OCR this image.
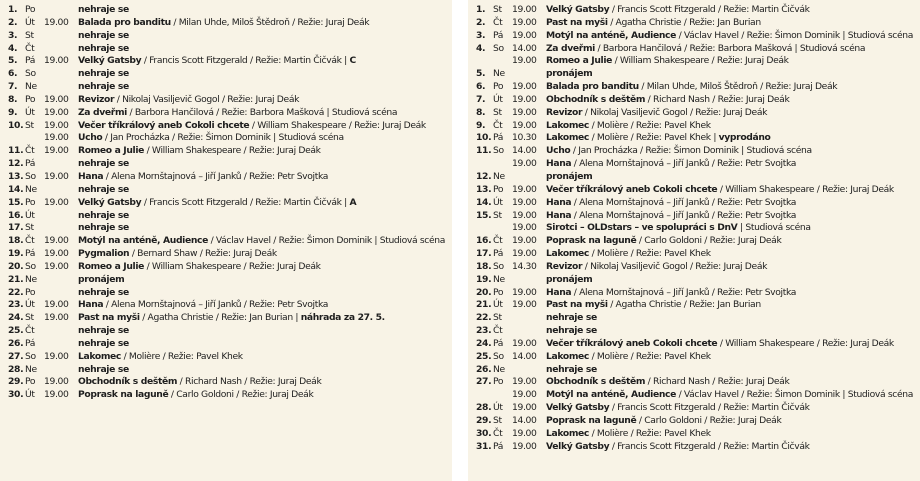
1. Po	nehraje se
2. Út 19.00 Balada pro banditu / Milan Uhde, Miloš Štědroň / Režie: Juraj Deák
3. St	nehraje se
4. Čt	nehraje se
5. Pá 19.00 Velký Gatsby / Francis Scott Fitzgerald / Režie: Martin Čičvák | C
6. So	nehraje se
7. Ne	nehraje se
8. Po 19.00 Revizor / Nikolaj Vasiljevič Gogol / Režie: Juraj Deák
9. Út 19.00 Za dveřmi / Barbora Hančilová / Režie: Barbora Mašková | Studiová scéna
10. St 19.00 Večer tříkrálový aneb Cokoli chcete / William Shakespeare / Režie: Juraj Deák
19.00 Ucho / Jan Procházka / Režie: Šimon Dominik | Studiová scéna
11. Čt 19.00 Romeo a Julie / William Shakespeare / Režie: Juraj Deák
12. Pá	nehraje se
13. So 19.00 Hana / Alena Mornštajnová – Jiří Janků / Režie: Petr Svojtka
14. Ne	nehraje se
15. Po 19.00 Velký Gatsby / Francis Scott Fitzgerald / Režie: Martin Čičvák | A
16. Út	nehraje se
17. St	nehraje se
18. Čt 19.00 Motýl na anténě, Audience / Václav Havel / Režie: Šimon Dominik | Studiová scéna
19. Pá 19.00 Pygmalion / Bernard Shaw / Režie: Juraj Deák
20. So 19.00 Romeo a Julie / William Shakespeare / Režie: Juraj Deák
21. Ne	pronájem
22. Po	nehraje se
23. Út 19.00 Hana / Alena Mornštajnová – Jiří Janků / Režie: Petr Svojtka
24. St 19.00 Past na myši / Agatha Christie / Režie: Jan Burian | náhrada za 27. 5.
25. Čt	nehraje se
26. Pá	nehraje se
27. So 19.00 Lakomec / Molière / Režie: Pavel Khek
28. Ne	nehraje se
29. Po 19.00 Obchodník s deštěm / Richard Nash / Režie: Juraj Deák
30. Út 19.00 Poprask na laguně / Carlo Goldoni / Režie: Juraj Deák
1. St 19.00 Velký Gatsby / Francis Scott Fitzgerald / Režie: Martin Čičvák
2. Čt 19.00 Past na myši / Agatha Christie / Režie: Jan Burian
3. Pá 19.00 Motýl na anténě, Audience / Václav Havel / Režie: Šimon Dominik | Studiová scéna
4. So 14.00 Za dveřmi / Barbora Hančilová / Režie: Barbora Mašková | Studiová scéna
19.00 Romeo a Julie / William Shakespeare / Režie: Juraj Deák
5. Ne	pronájem
6. Po 19.00 Balada pro banditu / Milan Uhde, Miloš Štědroň / Režie: Juraj Deák
7. Út 19.00 Obchodník s deštěm / Richard Nash / Režie: Juraj Deák
8. St 19.00 Revizor / Nikolaj Vasiljevič Gogol / Režie: Juraj Deák
9. Čt 19.00 Lakomec / Molière / Režie: Pavel Khek
10. Pá 10.30 Lakomec / Molière / Režie: Pavel Khek | vyprodáno
11. So 14.00 Ucho / Jan Procházka / Režie: Šimon Dominik | Studiová scéna
19.00 Hana / Alena Mornštajnová – Jiří Janků / Režie: Petr Svojtka
12. Ne	pronájem
13. Po 19.00 Večer tříkrálový aneb Cokoli chcete / William Shakespeare / Režie: Juraj Deák
14. Út 19.00 Hana / Alena Mornštajnová – Jiří Janků / Režie: Petr Svojtka
15. St 19.00 Hana / Alena Mornštajnová – Jiří Janků / Režie: Petr Svojtka
19.00 Sirotci – OLDstars – ve spolupráci s DnV | Studiová scéna
16. Čt 19.00 Poprask na laguně / Carlo Goldoni / Režie: Juraj Deák
17. Pá 19.00 Lakomec / Molière / Režie: Pavel Khek
18. So 14.30 Revizor / Nikolaj Vasiljevič Gogol / Režie: Juraj Deák
19. Ne	pronájem
20. Po 19.00 Hana / Alena Mornštajnová – Jiří Janků / Režie: Petr Svojtka
21. Út 19.00 Past na myši / Agatha Christie / Režie: Jan Burian
22. St	nehraje se
23. Čt	nehraje se
24. Pá 19.00 Večer tříkrálový aneb Cokoli chcete / William Shakespeare / Režie: Juraj Deák
25. So 14.00 Lakomec / Molière / Režie: Pavel Khek
26. Ne	nehraje se
27. Po 19.00 Obchodník s deštěm / Richard Nash / Režie: Juraj Deák
19.00 Motýl na anténě, Audience / Václav Havel / Režie: Šimon Dominik | Studiová scéna
28. Út 19.00 Velký Gatsby / Francis Scott Fitzgerald / Režie: Martin Čičvák
29. St 14.00 Poprask na laguně / Carlo Goldoni / Režie: Juraj Deák
30. Čt 19.00 Lakomec / Molière / Režie: Pavel Khek
31. Pá 19.00 Velký Gatsby / Francis Scott Fitzgerald / Režie: Martin Čičvák
